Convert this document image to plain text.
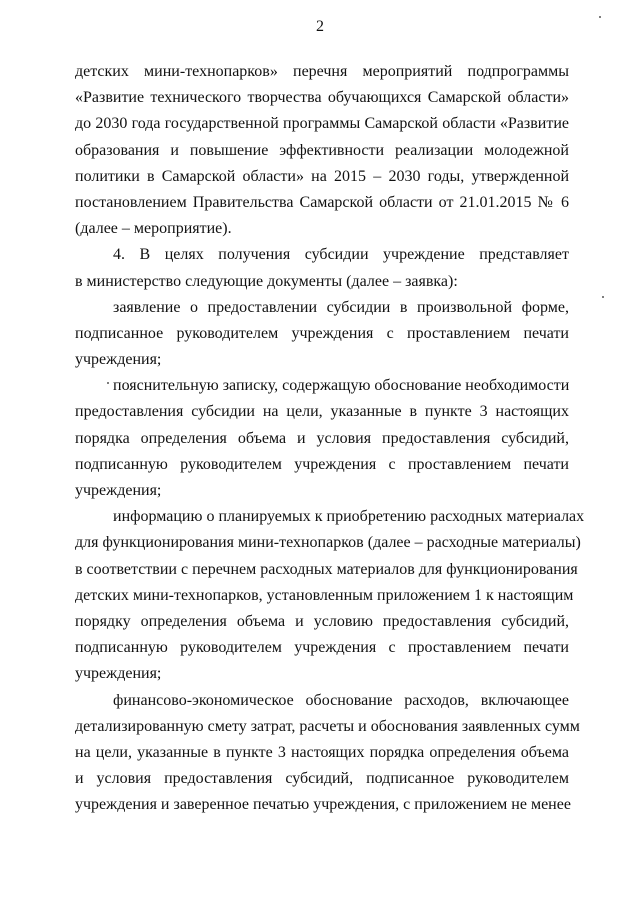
2
детских мини-технопарков» перечня мероприятий подпрограммы
«Развитие технического творчества обучающихся Самарской области»
до 2030 года государственной программы Самарской области «Развитие
образования и повышение эффективности реализации молодежной
политики в Самарской области» на 2015 – 2030 годы, утвержденной
постановлением Правительства Самарской области от 21.01.2015 № 6
(далее – мероприятие).
4. В целях получения субсидии учреждение представляет
в министерство следующие документы (далее – заявка):
заявление о предоставлении субсидии в произвольной форме,
подписанное руководителем учреждения с проставлением печати
учреждения;
пояснительную записку, содержащую обоснование необходимости
предоставления субсидии на цели, указанные в пункте 3 настоящих
порядка определения объема и условия предоставления субсидий,
подписанную руководителем учреждения с проставлением печати
учреждения;
информацию о планируемых к приобретению расходных материалах
для функционирования мини-технопарков (далее – расходные материалы)
в соответствии с перечнем расходных материалов для функционирования
детских мини-технопарков, установленным приложением 1 к настоящим
порядку определения объема и условию предоставления субсидий,
подписанную руководителем учреждения с проставлением печати
учреждения;
финансово-экономическое обоснование расходов, включающее
детализированную смету затрат, расчеты и обоснования заявленных сумм
на цели, указанные в пункте 3 настоящих порядка определения объема
и условия предоставления субсидий, подписанное руководителем
учреждения и заверенное печатью учреждения, с приложением не менее
